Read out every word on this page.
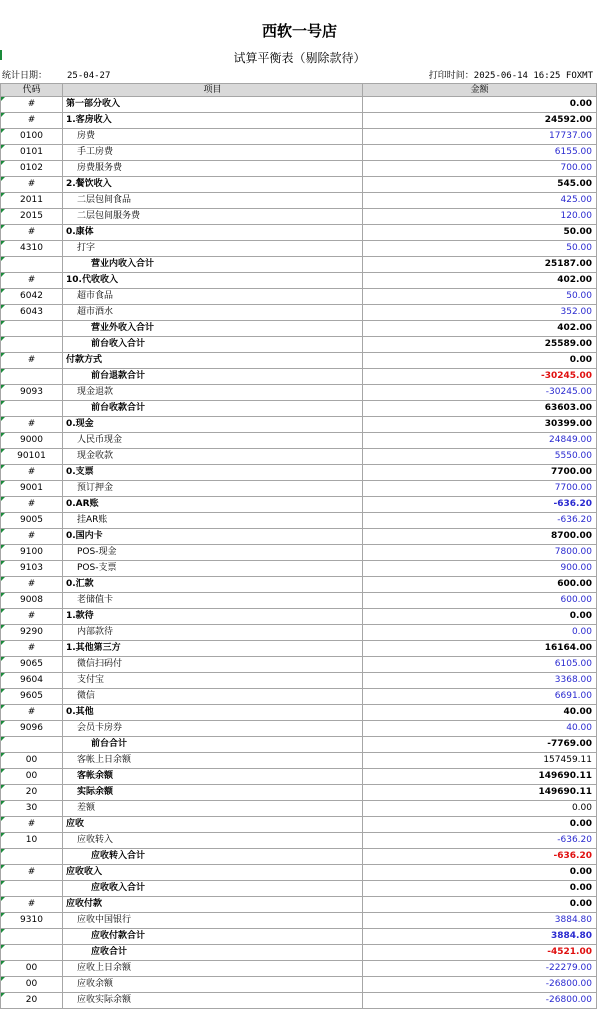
西软一号店
试算平衡表（剔除款待）
统计日期： 25-04-27	打印时间：2025-06-14 16:25 FOXMT
代码	项目	金额

#	第一部分收入	0.00

#	1.客房收入	24592.00

0100	房费	17737.00

0101	手工房费	6155.00

0102	房费服务费	700.00

#	2.餐饮收入	545.00

2011	二层包间食品	425.00

2015	二层包间服务费	120.00

#	0.康体	50.00

4310	打字	50.00

	营业内收入合计	25187.00

#	10.代收收入	402.00

6042	超市食品	50.00

6043	超市酒水	352.00

	营业外收入合计	402.00

	前台收入合计	25589.00

#	付款方式	0.00

	前台退款合计	-30245.00

9093	现金退款	-30245.00

	前台收款合计	63603.00

#	0.现金	30399.00

9000	人民币现金	24849.00

90101	现金收款	5550.00

#	0.支票	7700.00

9001	预订押金	7700.00

#	0.AR账	-636.20

9005	挂AR账	-636.20

#	0.国内卡	8700.00

9100	POS-现金	7800.00

9103	POS-支票	900.00

#	0.汇款	600.00

9008	老储值卡	600.00

#	1.款待	0.00

9290	内部款待	0.00

#	1.其他第三方	16164.00

9065	微信扫码付	6105.00

9604	支付宝	3368.00

9605	微信	6691.00

#	0.其他	40.00

9096	会员卡房券	40.00

	前台合计	-7769.00

00	客帐上日余额	157459.11

00	客帐余额	149690.11

20	实际余额	149690.11

30	差额	0.00

#	应收	0.00

10	应收转入	-636.20

	应收转入合计	-636.20

#	应收收入	0.00

	应收收入合计	0.00

#	应收付款	0.00

9310	应收中国银行	3884.80

	应收付款合计	3884.80

	应收合计	-4521.00

00	应收上日余额	-22279.00

00	应收余额	-26800.00

20	应收实际余额	-26800.00
